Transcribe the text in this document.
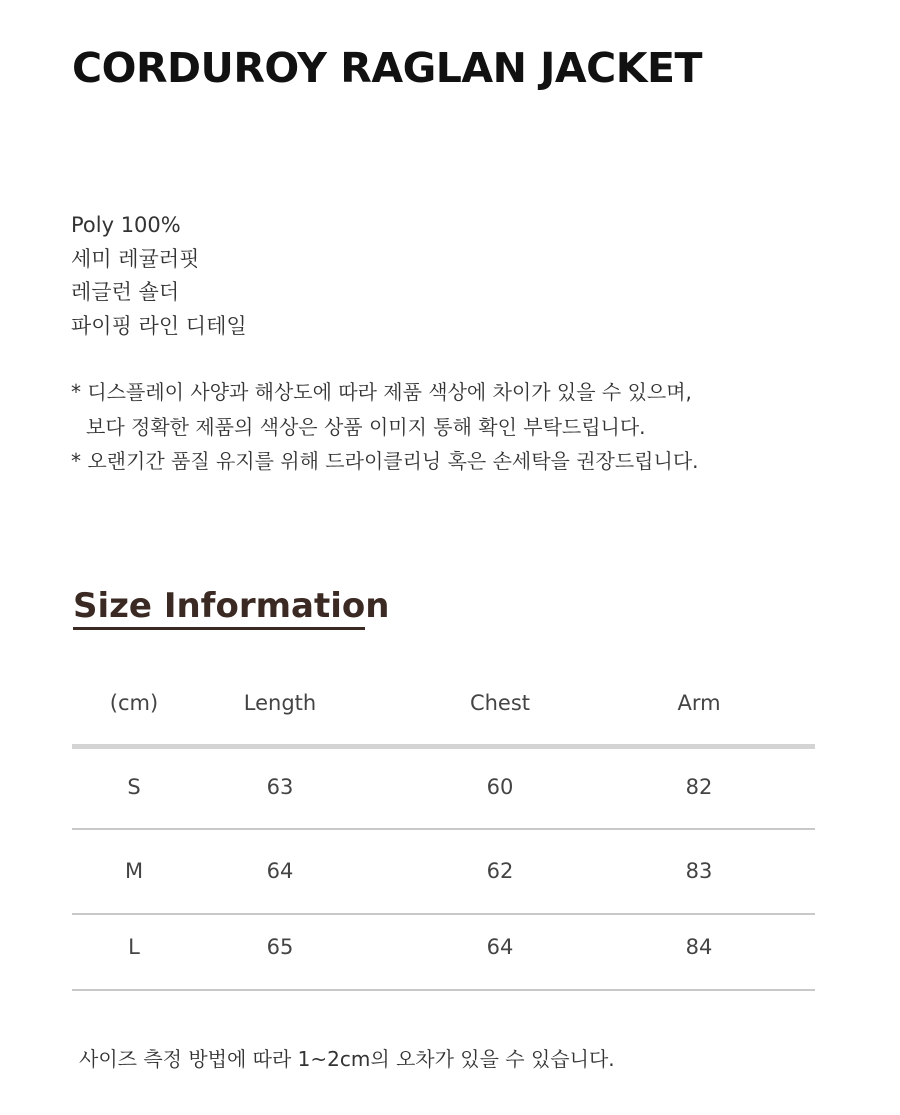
CORDUROY RAGLAN JACKET
Poly 100%
세미 레귤러핏
레글런 숄더
파이핑 라인 디테일
* 디스플레이 사양과 해상도에 따라 제품 색상에 차이가 있을 수 있으며,
보다 정확한 제품의 색상은 상품 이미지 통해 확인 부탁드립니다.
* 오랜기간 품질 유지를 위해 드라이클리닝 혹은 손세탁을 권장드립니다.
Size Information
(cm)	Length	Chest	Arm
S	63	60	82
M	64	62	83
L	65	64	84
사이즈 측정 방법에 따라 1~2cm의 오차가 있을 수 있습니다.
